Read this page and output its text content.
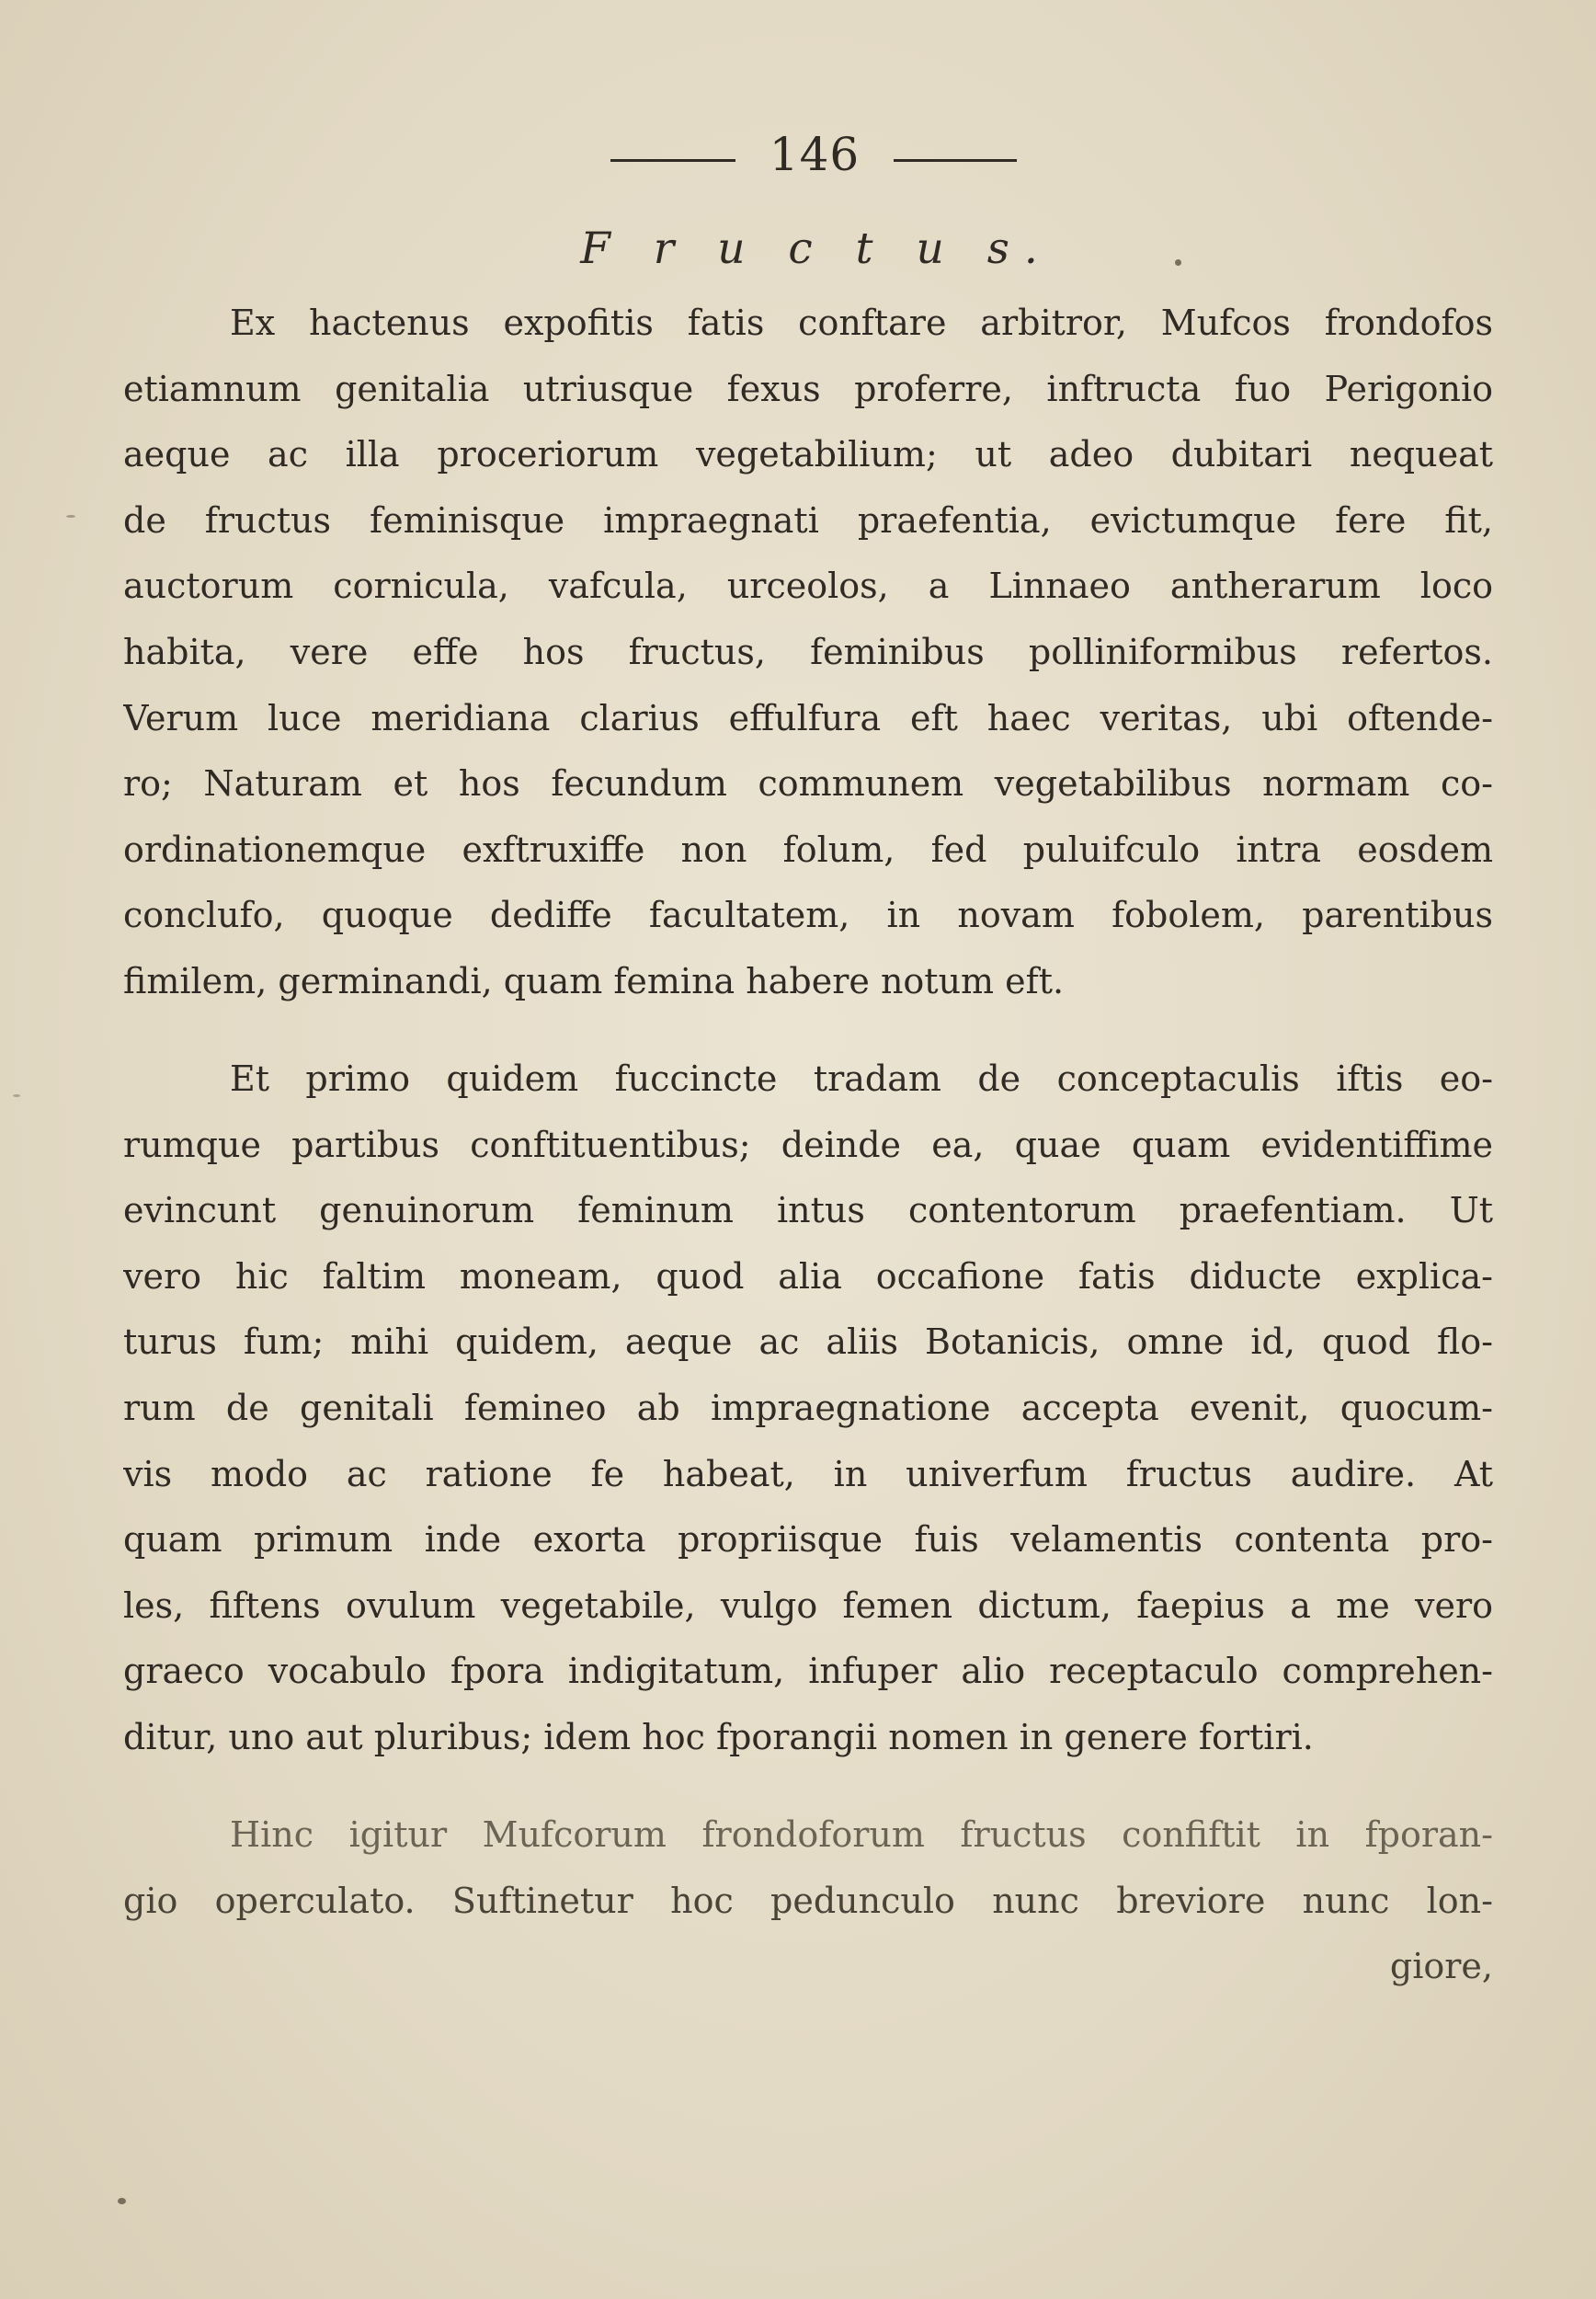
146
F r u c t u s.
Ex hactenus expofitis fatis conftare arbitror, Mufcos frondofos
etiamnum genitalia utriusque fexus proferre, inftructa fuo Perigonio
aeque ac illa proceriorum vegetabilium; ut adeo dubitari nequeat
de fructus feminisque impraegnati praefentia, evictumque fere fit,
auctorum cornicula, vafcula, urceolos, a Linnaeo antherarum loco
habita, vere effe hos fructus, feminibus polliniformibus refertos.
Verum luce meridiana clarius effulfura eft haec veritas, ubi oftende-
ro; Naturam et hos fecundum communem vegetabilibus normam co-
ordinationemque exftruxiffe non folum, fed puluifculo intra eosdem
conclufo, quoque dediffe facultatem, in novam fobolem, parentibus
fimilem, germinandi, quam femina habere notum eft.
Et primo quidem fuccincte tradam de conceptaculis iftis eo-
rumque partibus conftituentibus; deinde ea, quae quam evidentiffime
evincunt genuinorum feminum intus contentorum praefentiam. Ut
vero hic faltim moneam, quod alia occafione fatis diducte explica-
turus fum; mihi quidem, aeque ac aliis Botanicis, omne id, quod flo-
rum de genitali femineo ab impraegnatione accepta evenit, quocum-
vis modo ac ratione fe habeat, in univerfum fructus audire. At
quam primum inde exorta propriisque fuis velamentis contenta pro-
les, fiftens ovulum vegetabile, vulgo femen dictum, faepius a me vero
graeco vocabulo fpora indigitatum, infuper alio receptaculo comprehen-
ditur, uno aut pluribus; idem hoc fporangii nomen in genere fortiri.
Hinc igitur Mufcorum frondoforum fructus confiftit in fporan-
gio operculato. Suftinetur hoc pedunculo nunc breviore nunc lon-
giore,
